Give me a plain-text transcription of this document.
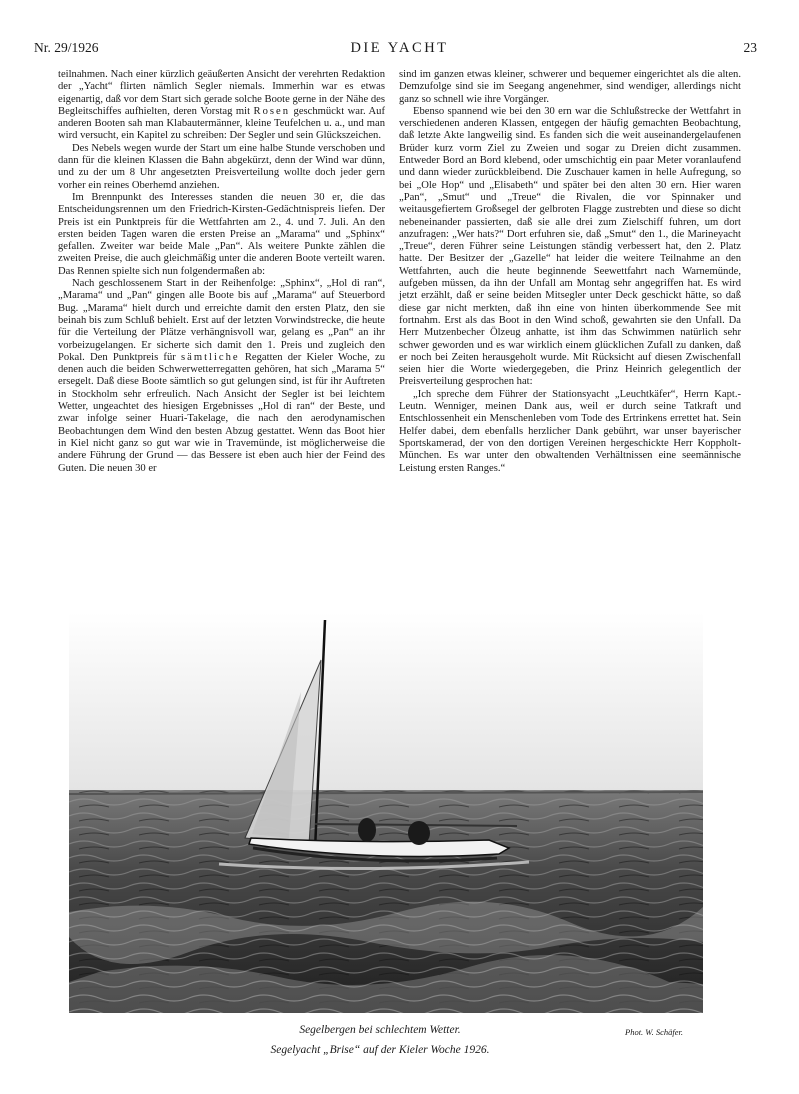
Nr. 29/1926	DIE YACHT	23

teilnahmen. Nach einer kürzlich geäußerten Ansicht der verehrten Redaktion der „Yacht“ flirten nämlich Segler niemals. Immerhin war es etwas eigenartig, daß vor dem Start sich gerade solche Boote gerne in der Nähe des Begleitschiffes aufhielten, deren Vorstag mit Rosen geschmückt war. Auf anderen Booten sah man Klabautermänner, kleine Teufelchen u. a., und man wird versucht, ein Kapitel zu schreiben: Der Segler und sein Glückszeichen.

Des Nebels wegen wurde der Start um eine halbe Stunde verschoben und dann für die kleinen Klassen die Bahn abgekürzt, denn der Wind war dünn, und zu der um 8 Uhr angesetzten Preisverteilung wollte doch jeder gern vorher ein reines Oberhemd anziehen.

Im Brennpunkt des Interesses standen die neuen 30 er, die das Entscheidungsrennen um den Friedrich-Kirsten-Gedächtnispreis liefen. Der Preis ist ein Punktpreis für die Wettfahrten am 2., 4. und 7. Juli. An den ersten beiden Tagen waren die ersten Preise an „Marama“ und „Sphinx“ gefallen. Zweiter war beide Male „Pan“. Als weitere Punkte zählen die zweiten Preise, die auch gleichmäßig unter die anderen Boote verteilt waren. Das Rennen spielte sich nun folgendermaßen ab:

Nach geschlossenem Start in der Reihenfolge: „Sphinx“, „Hol di ran“, „Marama“ und „Pan“ gingen alle Boote bis auf „Marama“ auf Steuerbord Bug. „Marama“ hielt durch und erreichte damit den ersten Platz, den sie beinah bis zum Schluß behielt. Erst auf der letzten Vorwindstrecke, die heute für die Verteilung der Plätze verhängnisvoll war, gelang es „Pan“ an ihr vorbeizugelangen. Er sicherte sich damit den 1. Preis und zugleich den Pokal. Den Punktpreis für sämtliche Regatten der Kieler Woche, zu denen auch die beiden Schwerwetterregatten gehören, hat sich „Marama 5“ ersegelt. Daß diese Boote sämtlich so gut gelungen sind, ist für ihr Auftreten in Stockholm sehr erfreulich. Nach Ansicht der Segler ist bei leichtem Wetter, ungeachtet des hiesigen Ergebnisses „Hol di ran“ der Beste, und zwar infolge seiner Huari-Takelage, die nach den aerodynamischen Beobachtungen dem Wind den besten Abzug gestattet. Wenn das Boot hier in Kiel nicht ganz so gut war wie in Travemünde, ist möglicherweise die andere Führung der Grund — das Bessere ist eben auch hier der Feind des Guten. Die neuen 30 er

sind im ganzen etwas kleiner, schwerer und bequemer eingerichtet als die alten. Demzufolge sind sie im Seegang angenehmer, sind wendiger, allerdings nicht ganz so schnell wie ihre Vorgänger.

Ebenso spannend wie bei den 30 ern war die Schlußstrecke der Wettfahrt in verschiedenen anderen Klassen, entgegen der häufig gemachten Beobachtung, daß letzte Akte langweilig sind. Es fanden sich die weit auseinandergelaufenen Brüder kurz vorm Ziel zu Zweien und sogar zu Dreien dicht zusammen. Entweder Bord an Bord klebend, oder umschichtig ein paar Meter voranlaufend und dann wieder zurückbleibend. Die Zuschauer kamen in helle Aufregung, so bei „Ole Hop“ und „Elisabeth“ und später bei den alten 30 ern. Hier waren „Pan“, „Smut“ und „Treue“ die Rivalen, die vor Spinnaker und weitausgefiertem Großsegel der gelbroten Flagge zustrebten und diese so dicht nebeneinander passierten, daß sie alle drei zum Zielschiff fuhren, um dort anzufragen: „Wer hats?“ Dort erfuhren sie, daß „Smut“ den 1., die Marineyacht „Treue“, deren Führer seine Leistungen ständig verbessert hat, den 2. Platz hatte. Der Besitzer der „Gazelle“ hat leider die weitere Teilnahme an den Wettfahrten, auch die heute beginnende Seewettfahrt nach Warnemünde, aufgeben müssen, da ihn der Unfall am Montag sehr angegriffen hat. Es wird jetzt erzählt, daß er seine beiden Mitsegler unter Deck geschickt hätte, so daß diese gar nicht merkten, daß ihn eine von hinten überkommende See mit fortnahm. Erst als das Boot in den Wind schoß, gewahrten sie den Unfall. Da Herr Mutzenbecher Ölzeug anhatte, ist ihm das Schwimmen natürlich sehr schwer geworden und es war wirklich einem glücklichen Zufall zu danken, daß er noch bei Zeiten herausgeholt wurde. Mit Rücksicht auf diesen Zwischenfall seien hier die Worte wiedergegeben, die Prinz Heinrich gelegentlich der Preisverteilung gesprochen hat:

„Ich spreche dem Führer der Stationsyacht „Leuchtkäfer“, Herrn Kapt.-Leutn. Wenniger, meinen Dank aus, weil er durch seine Tatkraft und Entschlossenheit ein Menschenleben vom Tode des Ertrinkens errettet hat. Sein Helfer dabei, dem ebenfalls herzlicher Dank gebührt, war unser bayerischer Sportskamerad, der von den dortigen Vereinen hergeschickte Herr Koppholt-München. Es war unter den obwaltenden Verhältnissen eine seemännische Leistung ersten Ranges.“

Segelbergen bei schlechtem Wetter.
Segelyacht „Brise“ auf der Kieler Woche 1926.
Phot. W. Schäfer.
